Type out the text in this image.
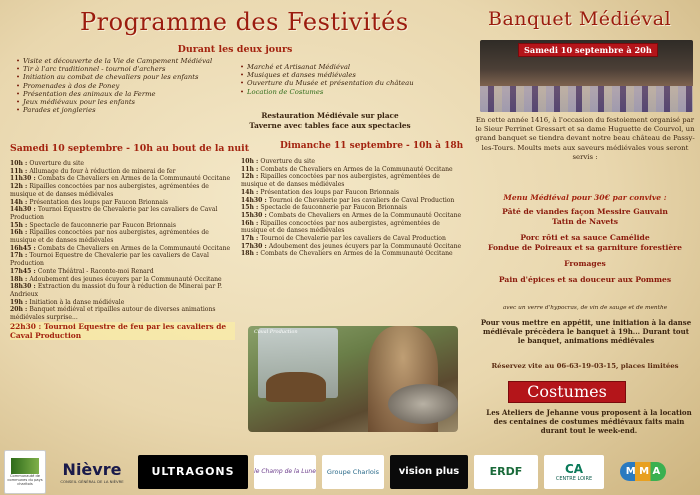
Programme des Festivités
Durant les deux jours
• Visite et découverte de la Vie de Campement Médiéval
• Tir à l'arc traditionnel - tournoi d'archers
• Initiation au combat de chevaliers pour les enfants
• Promenades à dos de Poney
• Présentation des animaux de la Ferme
• Jeux médiévaux pour les enfants
• Parades et jongleries
• Marché et Artisanat Médiéval
• Musiques et danses médiévales
• Ouverture du Musée et présentation du château
• Location de Costumes
Restauration Médiévale sur place
Taverne avec tables face aux spectacles
Samedi 10 septembre - 10h au bout de la nuit
10h : Ouverture du site
11h : Allumage du four à réduction de minerai de fer
11h30 : Combats de Chevaliers en Armes de la Communauté Occitane
12h : Ripailles concoctées par nos aubergistes, agrémentées de musique et de danses médiévales
14h : Présentation des loups par Faucon Brionnais
14h30 : Tournoi Equestre de Chevalerie par les cavaliers de Caval Production
15h : Spectacle de fauconnerie par Faucon Brionnais
16h : Ripailles concoctées par nos aubergistes, agrémentées de musique et de danses médiévales
16h45 : Combats de Chevaliers en Armes de la Communauté Occitane
17h : Tournoi Equestre de Chevalerie par les cavaliers de Caval Production
17h45 : Conte Théâtral - Raconte-moi Renard
18h : Adoubement des jeunes écuyers par la Communauté Occitane
18h30 : Extraction du massiot du four à réduction de Minerai par P. Andrieux
19h : Initiation à la danse médiévale
20h : Banquet médiéval et ripailles autour de diverses animations médiévales surprise...
22h30 : Tournoi Equestre de feu par les cavaliers de Caval Production
Dimanche 11 septembre - 10h à 18h
10h : Ouverture du site
11h : Combats de Chevaliers en Armes de la Communauté Occitane
12h : Ripailles concoctées par nos aubergistes, agrémentées de musique et de danses médiévales
14h : Présentation des loups par Faucon Brionnais
14h30 : Tournoi de Chevalerie par les cavaliers de Caval Production
15h : Spectacle de fauconnerie par Faucon Brionnais
15h30 : Combats de Chevaliers en Armes de la Communauté Occitane
16h : Ripailles concoctées par nos aubergistes, agrémentées de musique et de danses médiévales
17h : Tournoi de Chevalerie par les cavaliers de Caval Production
17h30 : Adoubement des jeunes écuyers par la Communauté Occitane
18h : Combats de Chevaliers en Armes de la Communauté Occitane
Caval Production
Banquet Médiéval
Samedi 10 septembre à 20h
En cette année 1416, à l'occasion du festoiement organisé par le Sieur Perrinet Gressart et sa dame Huguette de Courvol, un grand banquet se tiendra devant notre beau château de Passy-les-Tours. Moults mets aux saveurs médiévales vous seront servis :
Menu Médiéval pour 30€ par convive :
Pâté de viandes façon Messire Gauvain
Tatin de Navets
Porc rôti et sa sauce Camélide
Fondue de Poireaux et sa garniture forestière
Fromages
Pain d'épices et sa douceur aux Pommes
avec un verre d'hypocras, de vin de sauge et de menthe
Pour vous mettre en appétit, une initiation à la danse médiévale précèdera le banquet à 19h... Durant tout le banquet, animations médiévales
Réservez vite au 06-63-19-03-15, places limitées
Costumes
Les Ateliers de Jehanne vous proposent à la location des centaines de costumes médiévaux faits main durant tout le week-end.
Communauté de communes du pays charitois
Nièvre
CONSEIL GÉNÉRAL DE LA NIÈVRE
ULTRAGONS	le Champ de la Lune	Groupe Charlois	vision plus	ERDF	CA
CENTRE LOIRE
M M A
